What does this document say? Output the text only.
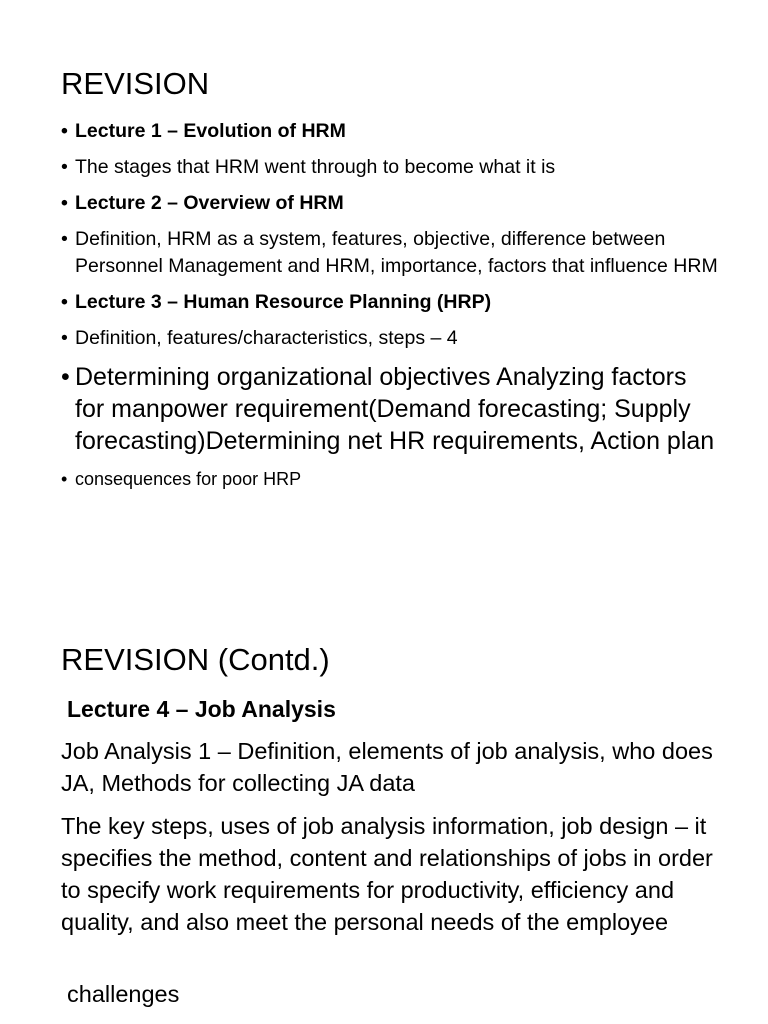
REVISION
• Lecture 1 – Evolution of HRM
• The stages that HRM went through to become what it is
• Lecture 2 – Overview of HRM
• Definition, HRM as a system, features, objective, difference between Personnel Management and HRM, importance, factors that influence HRM
• Lecture 3 – Human Resource Planning (HRP)
• Definition, features/characteristics, steps – 4
• Determining organizational objectives Analyzing factors for manpower requirement(Demand forecasting; Supply forecasting)Determining net HR requirements, Action plan
• consequences for poor HRP
REVISION (Contd.)
Lecture 4 – Job Analysis

Job Analysis 1 – Definition, elements of job analysis, who does JA, Methods for collecting JA data

The key steps, uses of job analysis information, job design – it specifies the method, content and relationships of jobs in order to specify work requirements for productivity, efficiency and quality, and also meet the personal needs of the employee

challenges
